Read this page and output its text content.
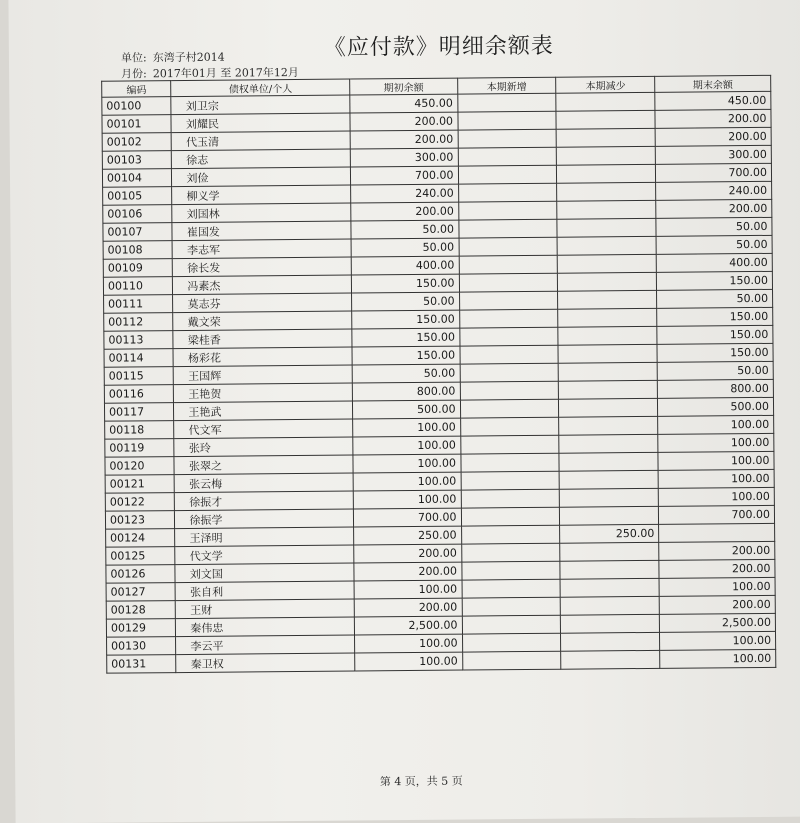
《应付款》明细余额表
单位: 东湾子村2014
月份: 2017年01月 至 2017年12月
编码	债权单位/个人	期初余额	本期新增	本期减少	期末余额
00100	刘卫宗	450.00			450.00
00101	刘耀民	200.00			200.00
00102	代玉清	200.00			200.00
00103	徐志	300.00			300.00
00104	刘俭	700.00			700.00
00105	柳义学	240.00			240.00
00106	刘国林	200.00			200.00
00107	崔国发	50.00			50.00
00108	李志军	50.00			50.00
00109	徐长发	400.00			400.00
00110	冯素杰	150.00			150.00
00111	莫志芬	50.00			50.00
00112	戴文荣	150.00			150.00
00113	梁桂香	150.00			150.00
00114	杨彩花	150.00			150.00
00115	王国辉	50.00			50.00
00116	王艳贺	800.00			800.00
00117	王艳武	500.00			500.00
00118	代文军	100.00			100.00
00119	张玲	100.00			100.00
00120	张翠之	100.00			100.00
00121	张云梅	100.00			100.00
00122	徐振才	100.00			100.00
00123	徐振学	700.00			700.00
00124	王泽明	250.00		250.00	
00125	代文学	200.00			200.00
00126	刘文国	200.00			200.00
00127	张自利	100.00			100.00
00128	王财	200.00			200.00
00129	秦伟忠	2,500.00			2,500.00
00130	李云平	100.00			100.00
00131	秦卫权	100.00			100.00
第 4 页，共 5 页
